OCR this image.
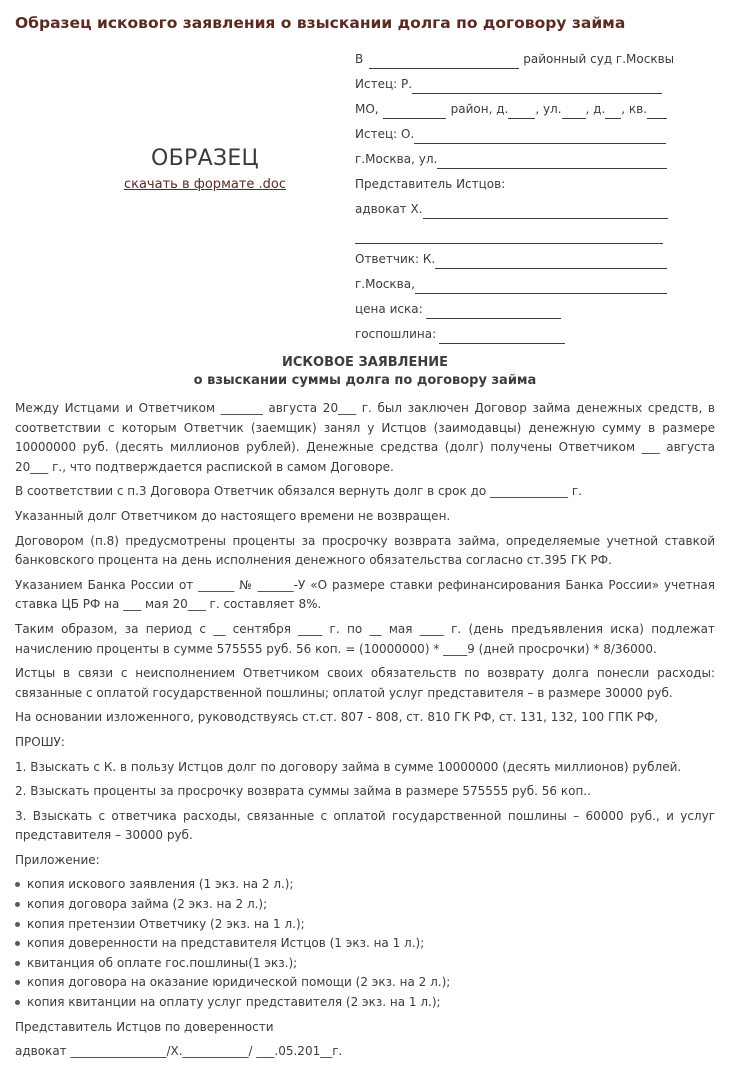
Образец искового заявления о взыскании долга по договору займа
В	районный суд г.Москвы
Истец: Р.
МО,	район, д. , ул. , д. , кв.
Истец: О.
г.Москва, ул.
Представитель Истцов:
адвокат Х.
Ответчик: К.
г.Москва,
цена иска:
госпошлина:
ОБРАЗЕЦ
скачать в формате .doc
ИСКОВОЕ ЗАЯВЛЕНИЕ
о взыскании суммы долга по договору займа

Между Истцами и Ответчиком _______ августа 20___ г. был заключен Договор займа денежных средств, в соответствии с которым Ответчик (заемщик) занял у Истцов (заимодавцы) денежную сумму в размере 10000000 руб. (десять миллионов рублей). Денежные средства (долг) получены Ответчиком ___ августа 20___ г., что подтверждается распиской в самом Договоре.

В соответствии с п.3 Договора Ответчик обязался вернуть долг в срок до _____________ г.

Указанный долг Ответчиком до настоящего времени не возвращен.

Договором (п.8) предусмотрены проценты за просрочку возврата займа, определяемые учетной ставкой банковского процента на день исполнения денежного обязательства согласно ст.395 ГК РФ.

Указанием Банка России от ______ № ______-У «О размере ставки рефинансирования Банка России» учетная ставка ЦБ РФ на ___ мая 20___ г. составляет 8%.

Таким образом, за период с __ сентября ____ г. по __ мая ____ г. (день предъявления иска) подлежат начислению проценты в сумме 575555 руб. 56 коп. = (10000000) * ____9 (дней просрочки) * 8/36000.

Истцы в связи с неисполнением Ответчиком своих обязательств по возврату долга понесли расходы: связанные с оплатой государственной пошлины; оплатой услуг представителя – в размере 30000 руб.

На основании изложенного, руководствуясь ст.ст. 807 - 808, ст. 810 ГК РФ, ст. 131, 132, 100 ГПК РФ,

ПРОШУ:

1. Взыскать с К. в пользу Истцов долг по договору займа в сумме 10000000 (десять миллионов) рублей.

2. Взыскать проценты за просрочку возврата суммы займа в размере 575555 руб. 56 коп..

3. Взыскать с ответчика расходы, связанные с оплатой государственной пошлины – 60000 руб., и услуг представителя – 30000 руб.

Приложение:

копия искового заявления (1 экз. на 2 л.);
копия договора займа (2 экз. на 2 л.);
копия претензии Ответчику (2 экз. на 1 л.);
копия доверенности на представителя Истцов (1 экз. на 1 л.);
квитанция об оплате гос.пошлины(1 экз.);
копия договора на оказание юридической помощи (2 экз. на 2 л.);
копия квитанции на оплату услуг представителя (2 экз. на 1 л.);

Представитель Истцов по доверенности

адвокат ________________/Х.___________/ ___.05.201__г.
